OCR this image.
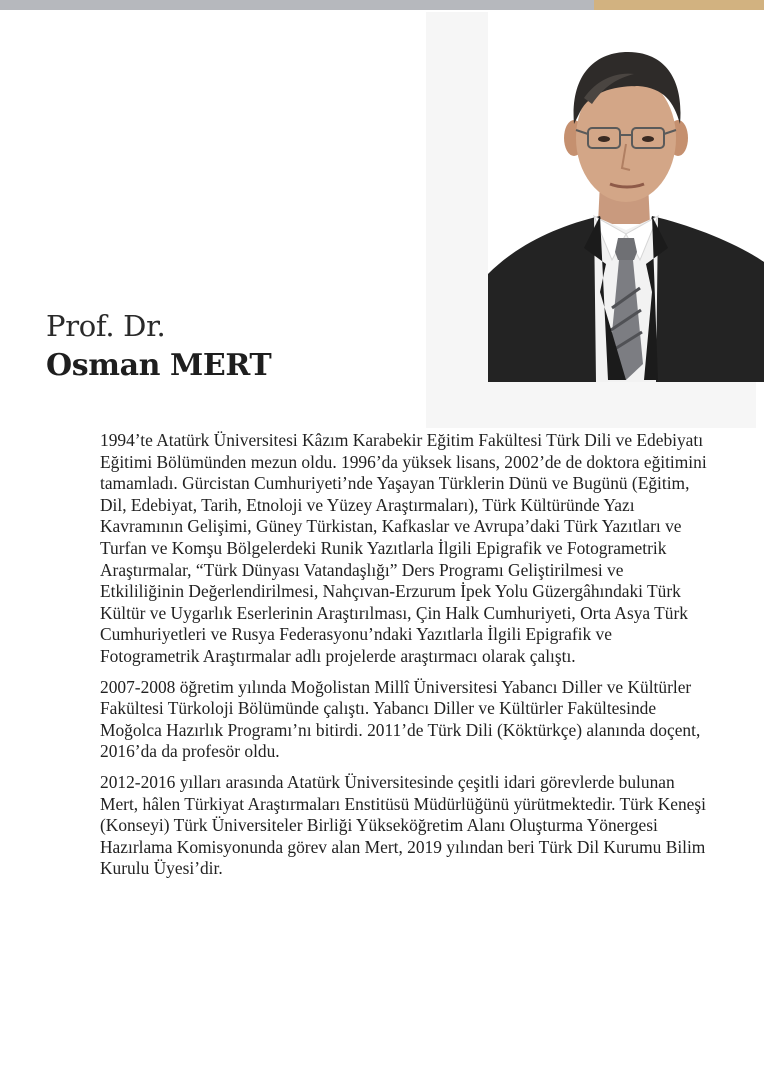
Prof. Dr.
Osman MERT

1994’te Atatürk Üniversitesi Kâzım Karabekir Eğitim Fakültesi Türk Dili ve Edebiyatı Eğitimi Bölümünden mezun oldu. 1996’da yüksek lisans, 2002’de de doktora eğitimini tamamladı. Gürcistan Cumhuriyeti’nde Yaşayan Türklerin Dünü ve Bugünü (Eğitim, Dil, Edebiyat, Tarih, Etnoloji ve Yüzey Araştırmaları), Türk Kültüründe Yazı Kavramının Gelişimi, Güney Türkistan, Kafkaslar ve Avrupa’daki Türk Yazıtları ve Turfan ve Komşu Bölgelerdeki Runik Yazıtlarla İlgili Epigrafik ve Fotogrametrik Araştırmalar, “Türk Dünyası Vatandaşlığı” Ders Programı Geliştirilmesi ve Etkililiğinin Değerlendirilmesi, Nahçıvan-Erzurum İpek Yolu Güzergâhındaki Türk Kültür ve Uygarlık Eserlerinin Araştırılması, Çin Halk Cumhuriyeti, Orta Asya Türk Cumhuriyetleri ve Rusya Federasyonu’ndaki Yazıtlarla İlgili Epigrafik ve Fotogrametrik Araştırmalar adlı projelerde araştırmacı olarak çalıştı.

2007-2008 öğretim yılında Moğolistan Millî Üniversitesi Yabancı Diller ve Kültürler Fakültesi Türkoloji Bölümünde çalıştı. Yabancı Diller ve Kültürler Fakültesinde Moğolca Hazırlık Programı’nı bitirdi. 2011’de Türk Dili (Köktürkçe) alanında doçent, 2016’da da profesör oldu.

2012-2016 yılları arasında Atatürk Üniversitesinde çeşitli idari görevlerde bulunan Mert, hâlen Türkiyat Araştırmaları Enstitüsü Müdürlüğünü yürütmektedir. Türk Keneşi (Konseyi) Türk Üniversiteler Birliği Yükseköğretim Alanı Oluşturma Yönergesi Hazırlama Komisyonunda görev alan Mert, 2019 yılından beri Türk Dil Kurumu Bilim Kurulu Üyesi’dir.
